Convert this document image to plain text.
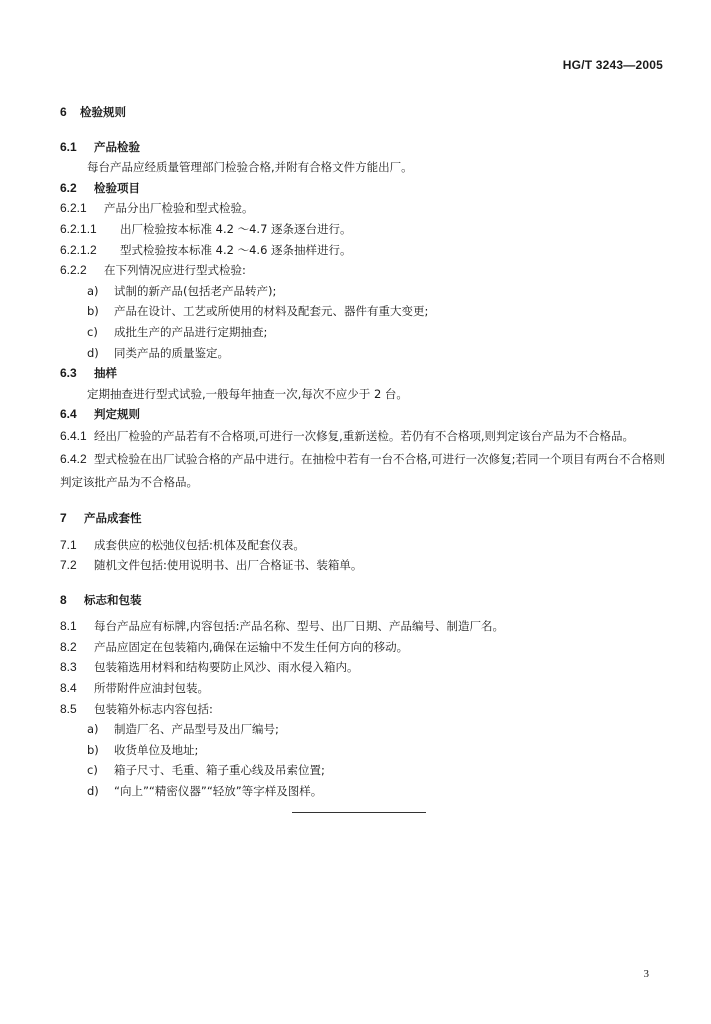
HG/T 3243—2005
6 检验规则
6.1 产品检验
每台产品应经质量管理部门检验合格,并附有合格文件方能出厂。
6.2 检验项目
6.2.1 产品分出厂检验和型式检验。
6.2.1.1 出厂检验按本标准 4.2 ～4.7 逐条逐台进行。
6.2.1.2 型式检验按本标准 4.2 ～4.6 逐条抽样进行。
6.2.2 在下列情况应进行型式检验:
a) 试制的新产品(包括老产品转产);
b) 产品在设计、工艺或所使用的材料及配套元、器件有重大变更;
c) 成批生产的产品进行定期抽查;
d) 同类产品的质量鉴定。
6.3 抽样
定期抽查进行型式试验,一般每年抽查一次,每次不应少于 2 台。
6.4 判定规则
6.4.1 经出厂检验的产品若有不合格项,可进行一次修复,重新送检。若仍有不合格项,则判定该台产品为不合格品。
6.4.2 型式检验在出厂试验合格的产品中进行。在抽检中若有一台不合格,可进行一次修复;若同一个项目有两台不合格则判定该批产品为不合格品。
7 产品成套性
7.1 成套供应的松弛仪包括:机体及配套仪表。
7.2 随机文件包括:使用说明书、出厂合格证书、装箱单。
8 标志和包装
8.1 每台产品应有标牌,内容包括:产品名称、型号、出厂日期、产品编号、制造厂名。
8.2 产品应固定在包装箱内,确保在运输中不发生任何方向的移动。
8.3 包装箱选用材料和结构要防止风沙、雨水侵入箱内。
8.4 所带附件应油封包装。
8.5 包装箱外标志内容包括:
a) 制造厂名、产品型号及出厂编号;
b) 收货单位及地址;
c) 箱子尺寸、毛重、箱子重心线及吊索位置;
d) “向上”“精密仪器”“轻放”等字样及图样。
3
